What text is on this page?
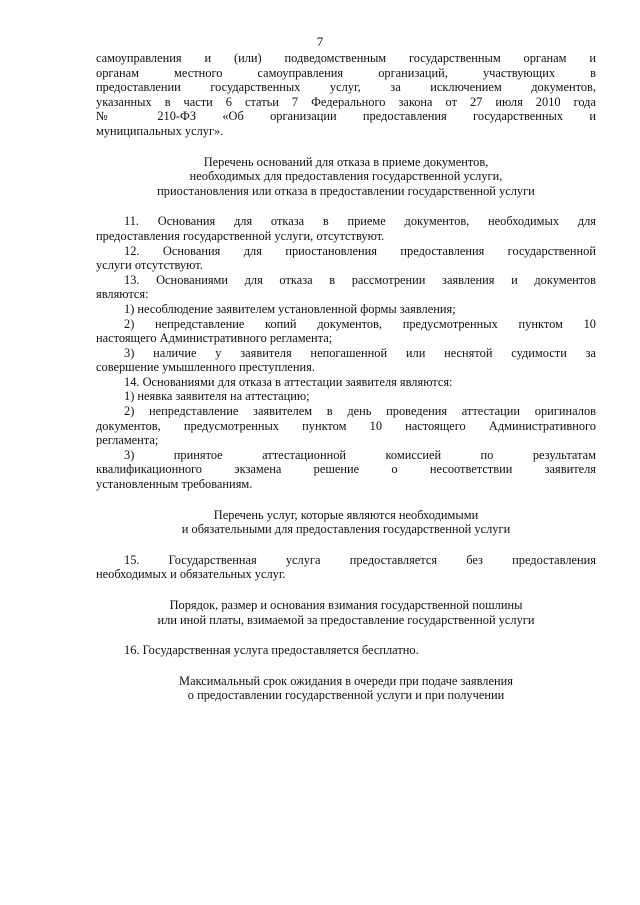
7

самоуправления и (или) подведомственным государственным органам и

органам местного самоуправления организаций, участвующих в

предоставлении государственных услуг, за исключением документов,

указанных в части 6 статьи 7 Федерального закона от 27 июля 2010 года

№ 210-ФЗ «Об организации предоставления государственных и

муниципальных услуг».

Перечень оснований для отказа в приеме документов,

необходимых для предоставления государственной услуги,

приостановления или отказа в предоставлении государственной услуги

11. Основания для отказа в приеме документов, необходимых для

предоставления государственной услуги, отсутствуют.

12. Основания для приостановления предоставления государственной

услуги отсутствуют.

13. Основаниями для отказа в рассмотрении заявления и документов

являются:

1) несоблюдение заявителем установленной формы заявления;

2) непредставление копий документов, предусмотренных пунктом 10

настоящего Административного регламента;

3) наличие у заявителя непогашенной или неснятой судимости за

совершение умышленного преступления.

14. Основаниями для отказа в аттестации заявителя являются:

1) неявка заявителя на аттестацию;

2) непредставление заявителем в день проведения аттестации оригиналов

документов, предусмотренных пунктом 10 настоящего Административного

регламента;

3) принятое аттестационной комиссией по результатам

квалификационного экзамена решение о несоответствии заявителя

установленным требованиям.

Перечень услуг, которые являются необходимыми

и обязательными для предоставления государственной услуги

15. Государственная услуга предоставляется без предоставления

необходимых и обязательных услуг.

Порядок, размер и основания взимания государственной пошлины

или иной платы, взимаемой за предоставление государственной услуги

16. Государственная услуга предоставляется бесплатно.

Максимальный срок ожидания в очереди при подаче заявления

о предоставлении государственной услуги и при получении
